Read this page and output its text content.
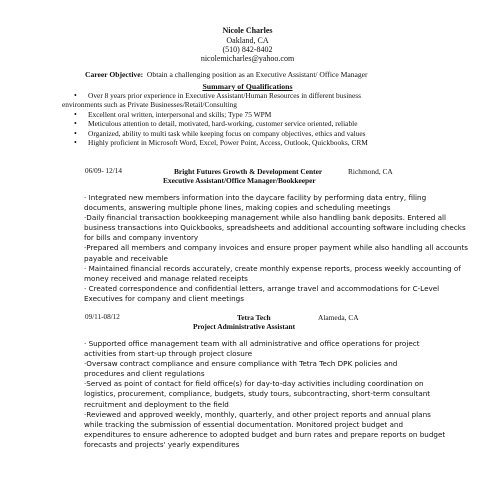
Nicole Charles
Oakland, CA
(510) 842-8402
nicolemicharles@yahoo.com
Career Objective: Obtain a challenging position as an Executive Assistant/ Office Manager
Summary of Qualifications
• Over 8 years prior experience in Executive Assistant/Human Resources in different business
environments such as Private Businesses/Retail/Consulting
• Excellent oral written, interpersonal and skills; Type 75 WPM
• Meticulous attention to detail, motivated, hard-working, customer service oriented, reliable
• Organized, ability to multi task while keeping focus on company objectives, ethics and values
• Highly proficient in Microsoft Word, Excel, Power Point, Access, Outlook, Quickbooks, CRM
06/09- 12/14	Bright Futures Growth & Development Center	Richmond, CA
Executive Assistant/Office Manager/Bookkeeper
· Integrated new members information into the daycare facility by performing data entry, filing
documents, answering multiple phone lines, making copies and scheduling meetings
·Daily financial transaction bookkeeping management while also handling bank deposits. Entered all
business transactions into Quickbooks, spreadsheets and additional accounting software including checks
for bills and company inventory
·Prepared all members and company invoices and ensure proper payment while also handling all accounts
payable and receivable
· Maintained financial records accurately, create monthly expense reports, process weekly accounting of
money received and manage related receipts
· Created correspondence and confidential letters, arrange travel and accommodations for C-Level
Executives for company and client meetings
09/11-08/12	Tetra Tech	Alameda, CA
Project Administrative Assistant
· Supported office management team with all administrative and office operations for project
activities from start-up through project closure
·Oversaw contract compliance and ensure compliance with Tetra Tech DPK policies and
procedures and client regulations
·Served as point of contact for field office(s) for day-to-day activities including coordination on
logistics, procurement, compliance, budgets, study tours, subcontracting, short-term consultant
recruitment and deployment to the field
·Reviewed and approved weekly, monthly, quarterly, and other project reports and annual plans
while tracking the submission of essential documentation. Monitored project budget and
expenditures to ensure adherence to adopted budget and burn rates and prepare reports on budget
forecasts and projects' yearly expenditures
